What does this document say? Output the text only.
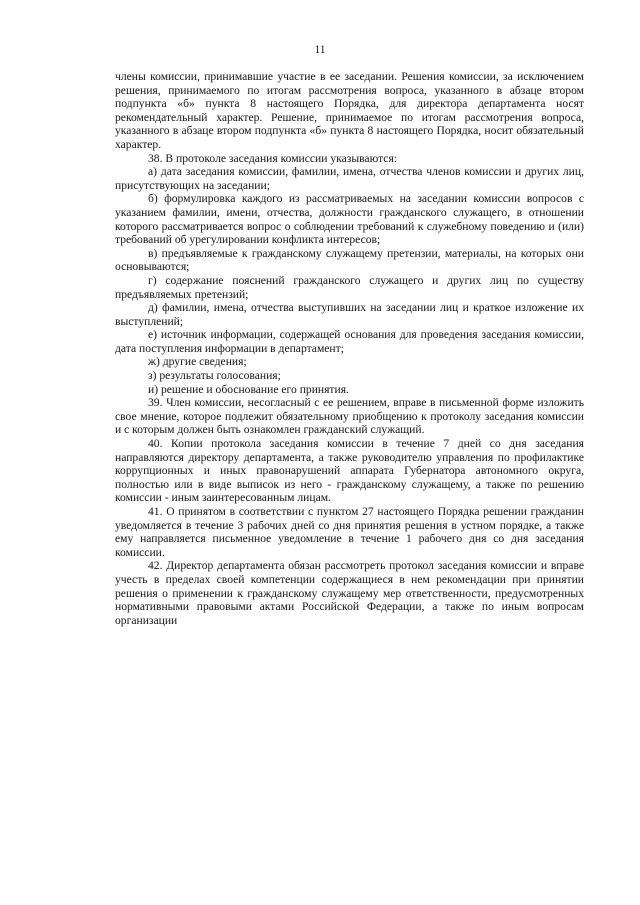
11

члены комиссии, принимавшие участие в ее заседании. Решения комиссии, за исключением решения, принимаемого по итогам рассмотрения вопроса, указанного в абзаце втором подпункта «б» пункта 8 настоящего Порядка, для директора департамента носят рекомендательный характер. Решение, принимаемое по итогам рассмотрения вопроса, указанного в абзаце втором подпункта «б» пункта 8 настоящего Порядка, носит обязательный характер.

38. В протоколе заседания комиссии указываются:

а) дата заседания комиссии, фамилии, имена, отчества членов комиссии и других лиц, присутствующих на заседании;

б) формулировка каждого из рассматриваемых на заседании комиссии вопросов с указанием фамилии, имени, отчества, должности гражданского служащего, в отношении которого рассматривается вопрос о соблюдении требований к служебному поведению и (или) требований об урегулировании конфликта интересов;

в) предъявляемые к гражданскому служащему претензии, материалы, на которых они основываются;

г) содержание пояснений гражданского служащего и других лиц по существу предъявляемых претензий;

д) фамилии, имена, отчества выступивших на заседании лиц и краткое изложение их выступлений;

е) источник информации, содержащей основания для проведения заседания комиссии, дата поступления информации в департамент;

ж) другие сведения;

з) результаты голосования;

и) решение и обоснование его принятия.

39. Член комиссии, несогласный с ее решением, вправе в письменной форме изложить свое мнение, которое подлежит обязательному приобщению к протоколу заседания комиссии и с которым должен быть ознакомлен гражданский служащий.

40. Копии протокола заседания комиссии в течение 7 дней со дня заседания направляются директору департамента, а также руководителю управления по профилактике коррупционных и иных правонарушений аппарата Губернатора автономного округа, полностью или в виде выписок из него - гражданскому служащему, а также по решению комиссии - иным заинтересованным лицам.

41. О принятом в соответствии с пунктом 27 настоящего Порядка решении гражданин уведомляется в течение 3 рабочих дней со дня принятия решения в устном порядке, а также ему направляется письменное уведомление в течение 1 рабочего дня со дня заседания комиссии.

42. Директор департамента обязан рассмотреть протокол заседания комиссии и вправе учесть в пределах своей компетенции содержащиеся в нем рекомендации при принятии решения о применении к гражданскому служащему мер ответственности, предусмотренных нормативными правовыми актами Российской Федерации, а также по иным вопросам организации
